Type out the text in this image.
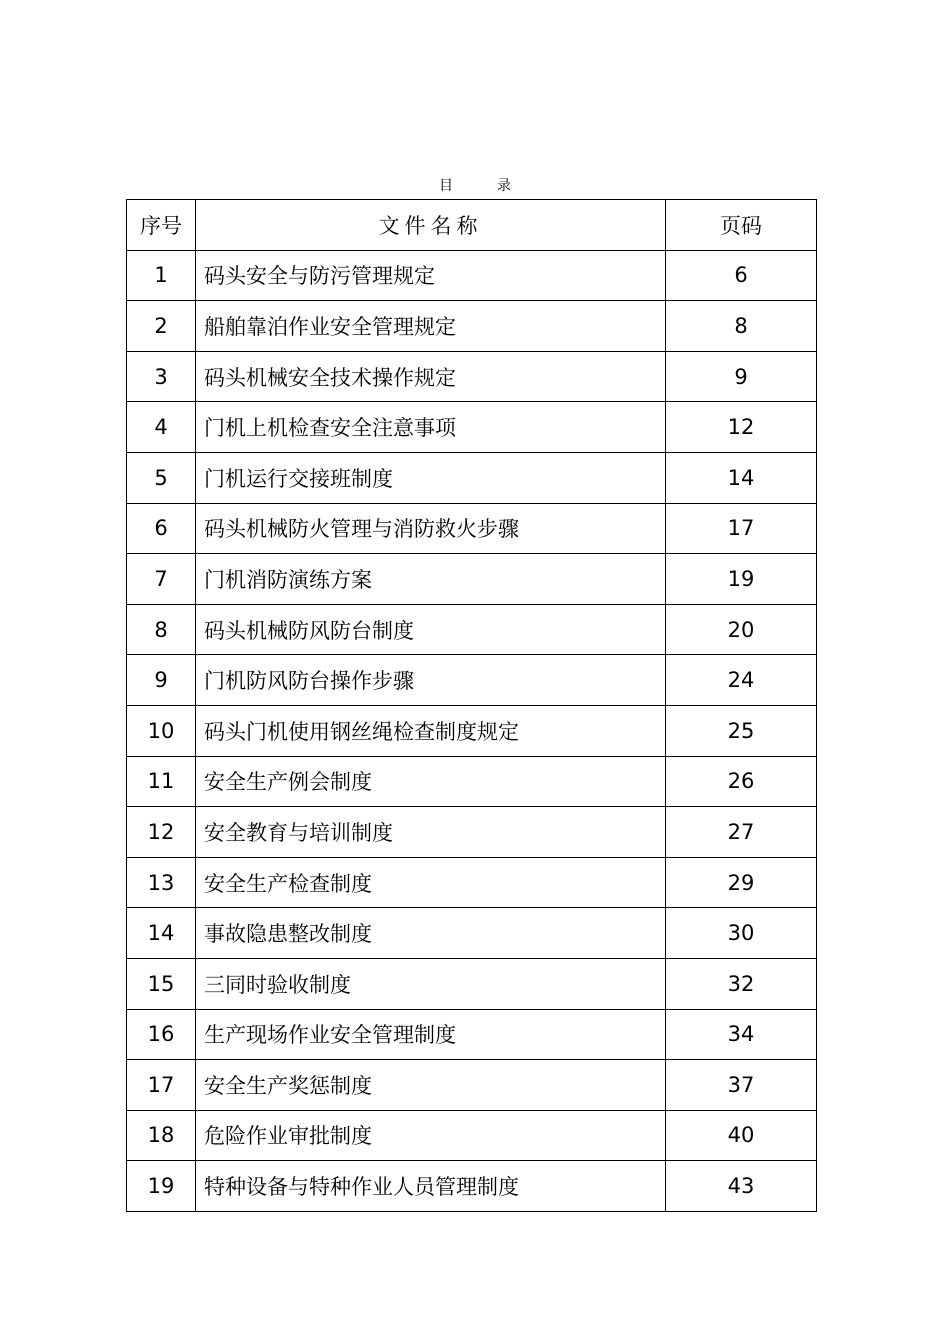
目	录
序号	文件名称	页码
1	码头安全与防污管理规定	6
2	船舶靠泊作业安全管理规定	8
3	码头机械安全技术操作规定	9
4	门机上机检查安全注意事项	12
5	门机运行交接班制度	14
6	码头机械防火管理与消防救火步骤	17
7	门机消防演练方案	19
8	码头机械防风防台制度	20
9	门机防风防台操作步骤	24
10	码头门机使用钢丝绳检查制度规定	25
11	安全生产例会制度	26
12	安全教育与培训制度	27
13	安全生产检查制度	29
14	事故隐患整改制度	30
15	三同时验收制度	32
16	生产现场作业安全管理制度	34
17	安全生产奖惩制度	37
18	危险作业审批制度	40
19	特种设备与特种作业人员管理制度	43
